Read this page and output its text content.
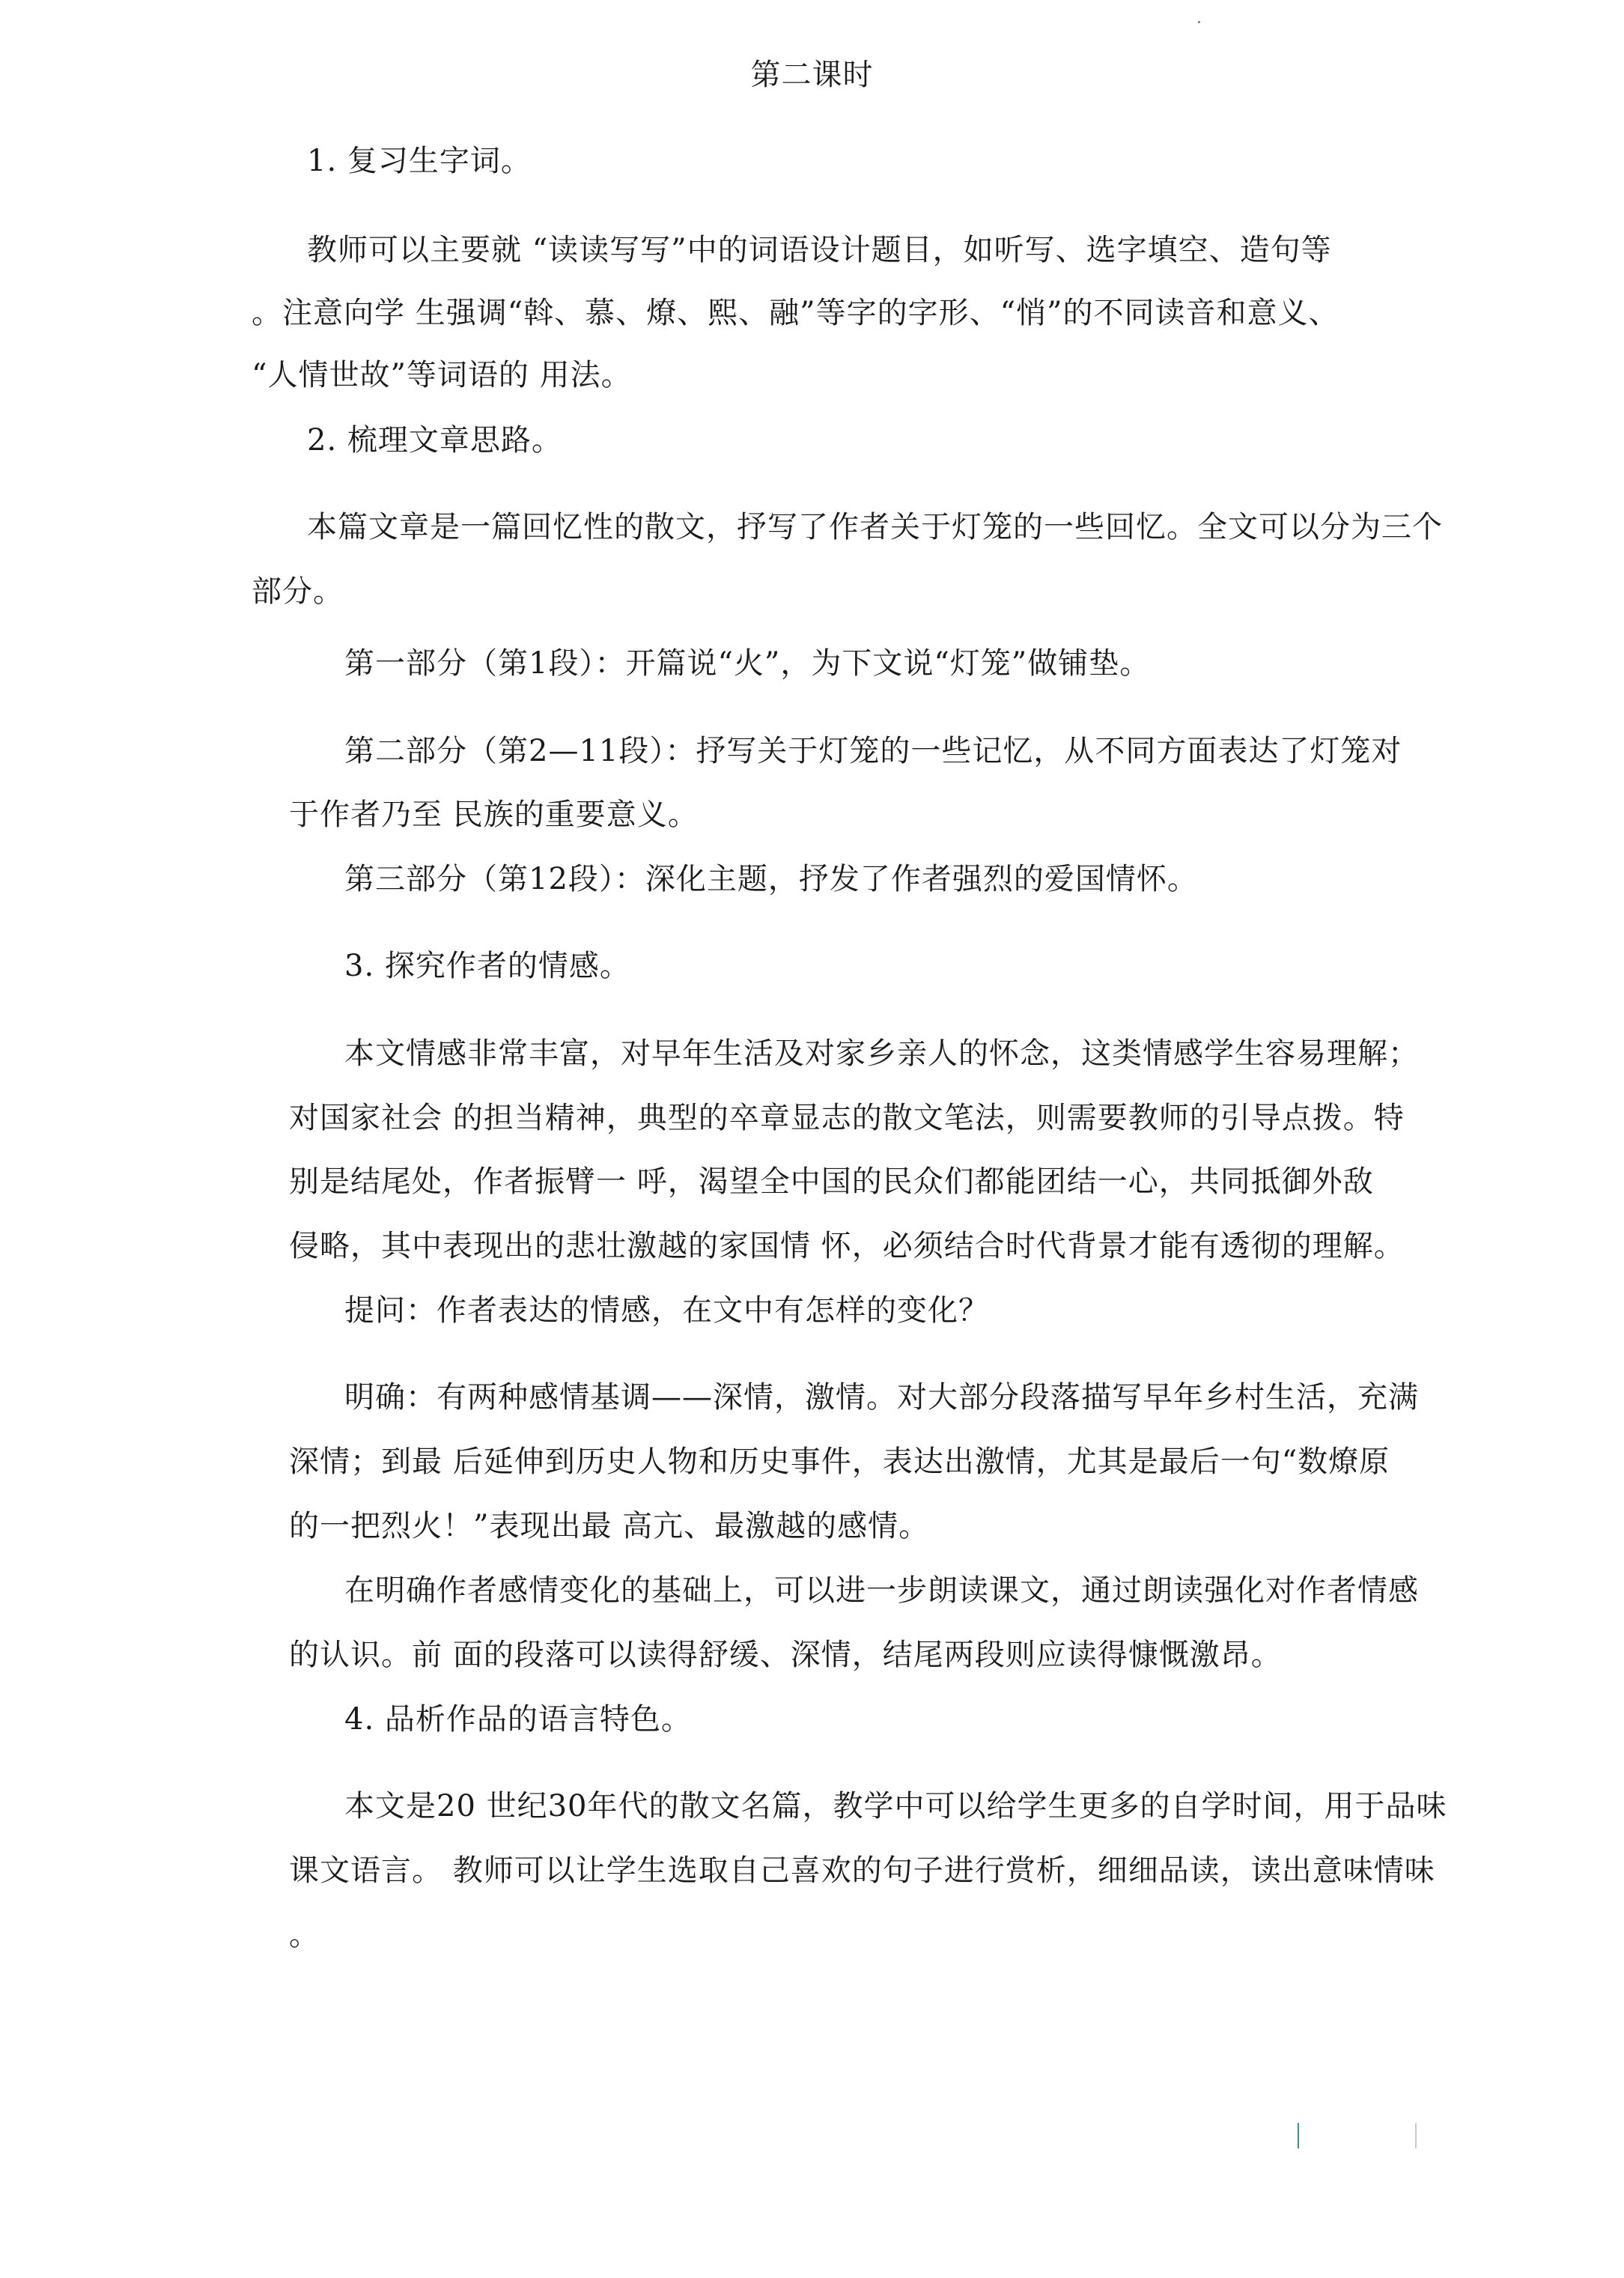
第二课时
1. 复习生字词。
教师可以主要就 “读读写写”中的词语设计题目，如听写、选字填空、造句等
。注意向学 生强调“斡、慕、燎、熙、融”等字的字形、“悄”的不同读音和意义、
“人情世故”等词语的 用法。
2. 梳理文章思路。
本篇文章是一篇回忆性的散文，抒写了作者关于灯笼的一些回忆。全文可以分为三个
部分。
第一部分（第1段）：开篇说“火”，为下文说“灯笼”做铺垫。
第二部分（第2—11段）：抒写关于灯笼的一些记忆，从不同方面表达了灯笼对
于作者乃至 民族的重要意义。
第三部分（第12段）：深化主题，抒发了作者强烈的爱国情怀。
3. 探究作者的情感。
本文情感非常丰富，对早年生活及对家乡亲人的怀念，这类情感学生容易理解；
对国家社会 的担当精神，典型的卒章显志的散文笔法，则需要教师的引导点拨。特
别是结尾处，作者振臂一 呼，渴望全中国的民众们都能团结一心，共同抵御外敌
侵略，其中表现出的悲壮激越的家国情 怀，必须结合时代背景才能有透彻的理解。
提问：作者表达的情感，在文中有怎样的变化？
明确：有两种感情基调——深情，激情。对大部分段落描写早年乡村生活，充满
深情；到最 后延伸到历史人物和历史事件，表达出激情，尤其是最后一句“数燎原
的一把烈火！”表现出最 高亢、最激越的感情。
在明确作者感情变化的基础上，可以进一步朗读课文，通过朗读强化对作者情感
的认识。前 面的段落可以读得舒缓、深情，结尾两段则应读得慷慨激昂。
4. 品析作品的语言特色。
本文是20 世纪30年代的散文名篇，教学中可以给学生更多的自学时间，用于品味
课文语言。 教师可以让学生选取自己喜欢的句子进行赏析，细细品读，读出意味情味
。
